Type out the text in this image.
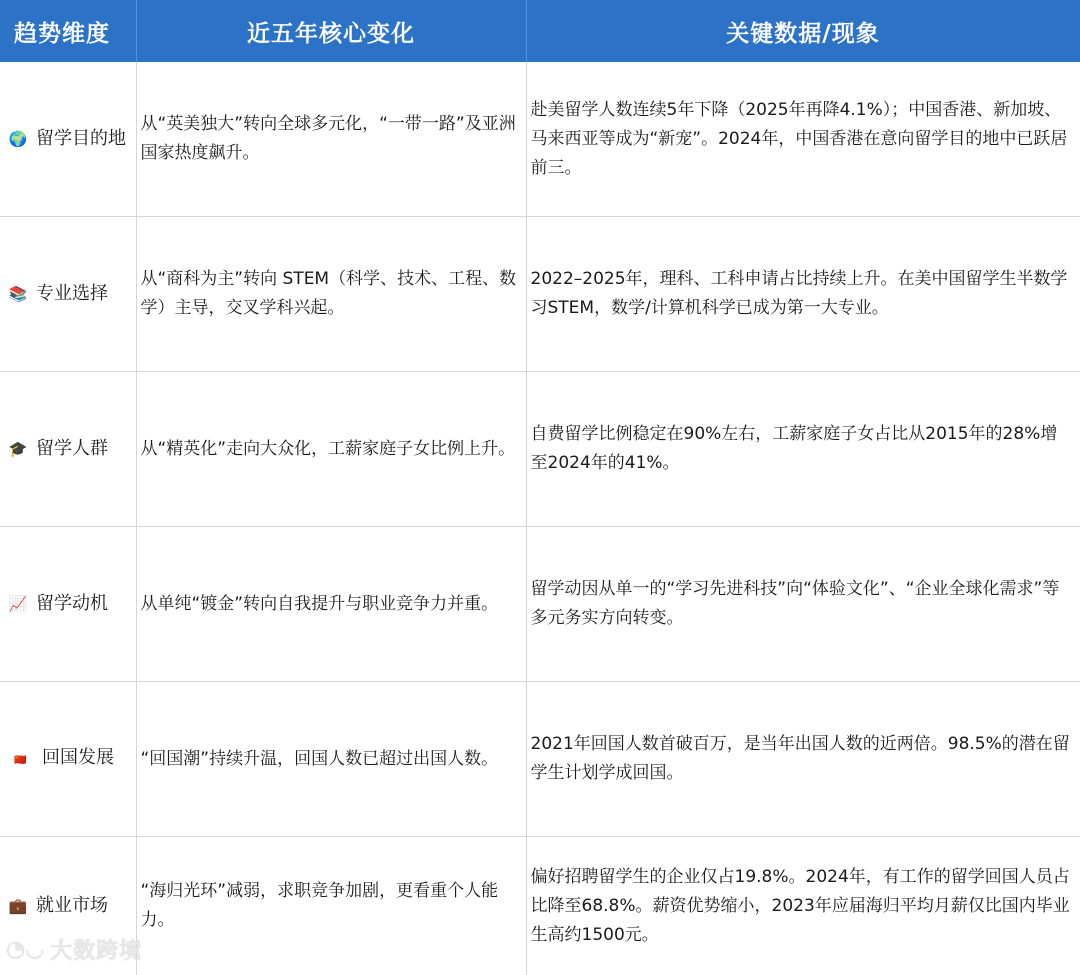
趋势维度	近五年核心变化	关键数据/现象
🌍 留学目的地	从“英美独大”转向全球多元化，“一带一路”及亚洲国家热度飙升。	赴美留学人数连续5年下降（2025年再降4.1%）；中国香港、新加坡、马来西亚等成为“新宠”。2024年，中国香港在意向留学目的地中已跃居前三。

📚 专业选择	从“商科为主”转向 STEM（科学、技术、工程、数学）主导，交叉学科兴起。	2022–2025年，理科、工科申请占比持续上升。在美中国留学生半数学习STEM，数学/计算机科学已成为第一大专业。

🎓 留学人群	从“精英化”走向大众化，工薪家庭子女比例上升。	自费留学比例稳定在90%左右，工薪家庭子女占比从2015年的28%增至2024年的41%。

📈 留学动机	从单纯“镀金”转向自我提升与职业竞争力并重。	留学动因从单一的“学习先进科技”向“体验文化”、“企业全球化需求”等多元务实方向转变。

🇨🇳 回国发展	“回国潮”持续升温，回国人数已超过出国人数。	2021年回国人数首破百万，是当年出国人数的近两倍。98.5%的潜在留学生计划学成回国。

💼 就业市场	“海归光环”减弱，求职竞争加剧，更看重个人能力。	偏好招聘留学生的企业仅占19.8%。2024年，有工作的留学回国人员占比降至68.8%。薪资优势缩小，2023年应届海归平均月薪仅比国内毕业生高约1500元。
◔◡ 大数跨境
